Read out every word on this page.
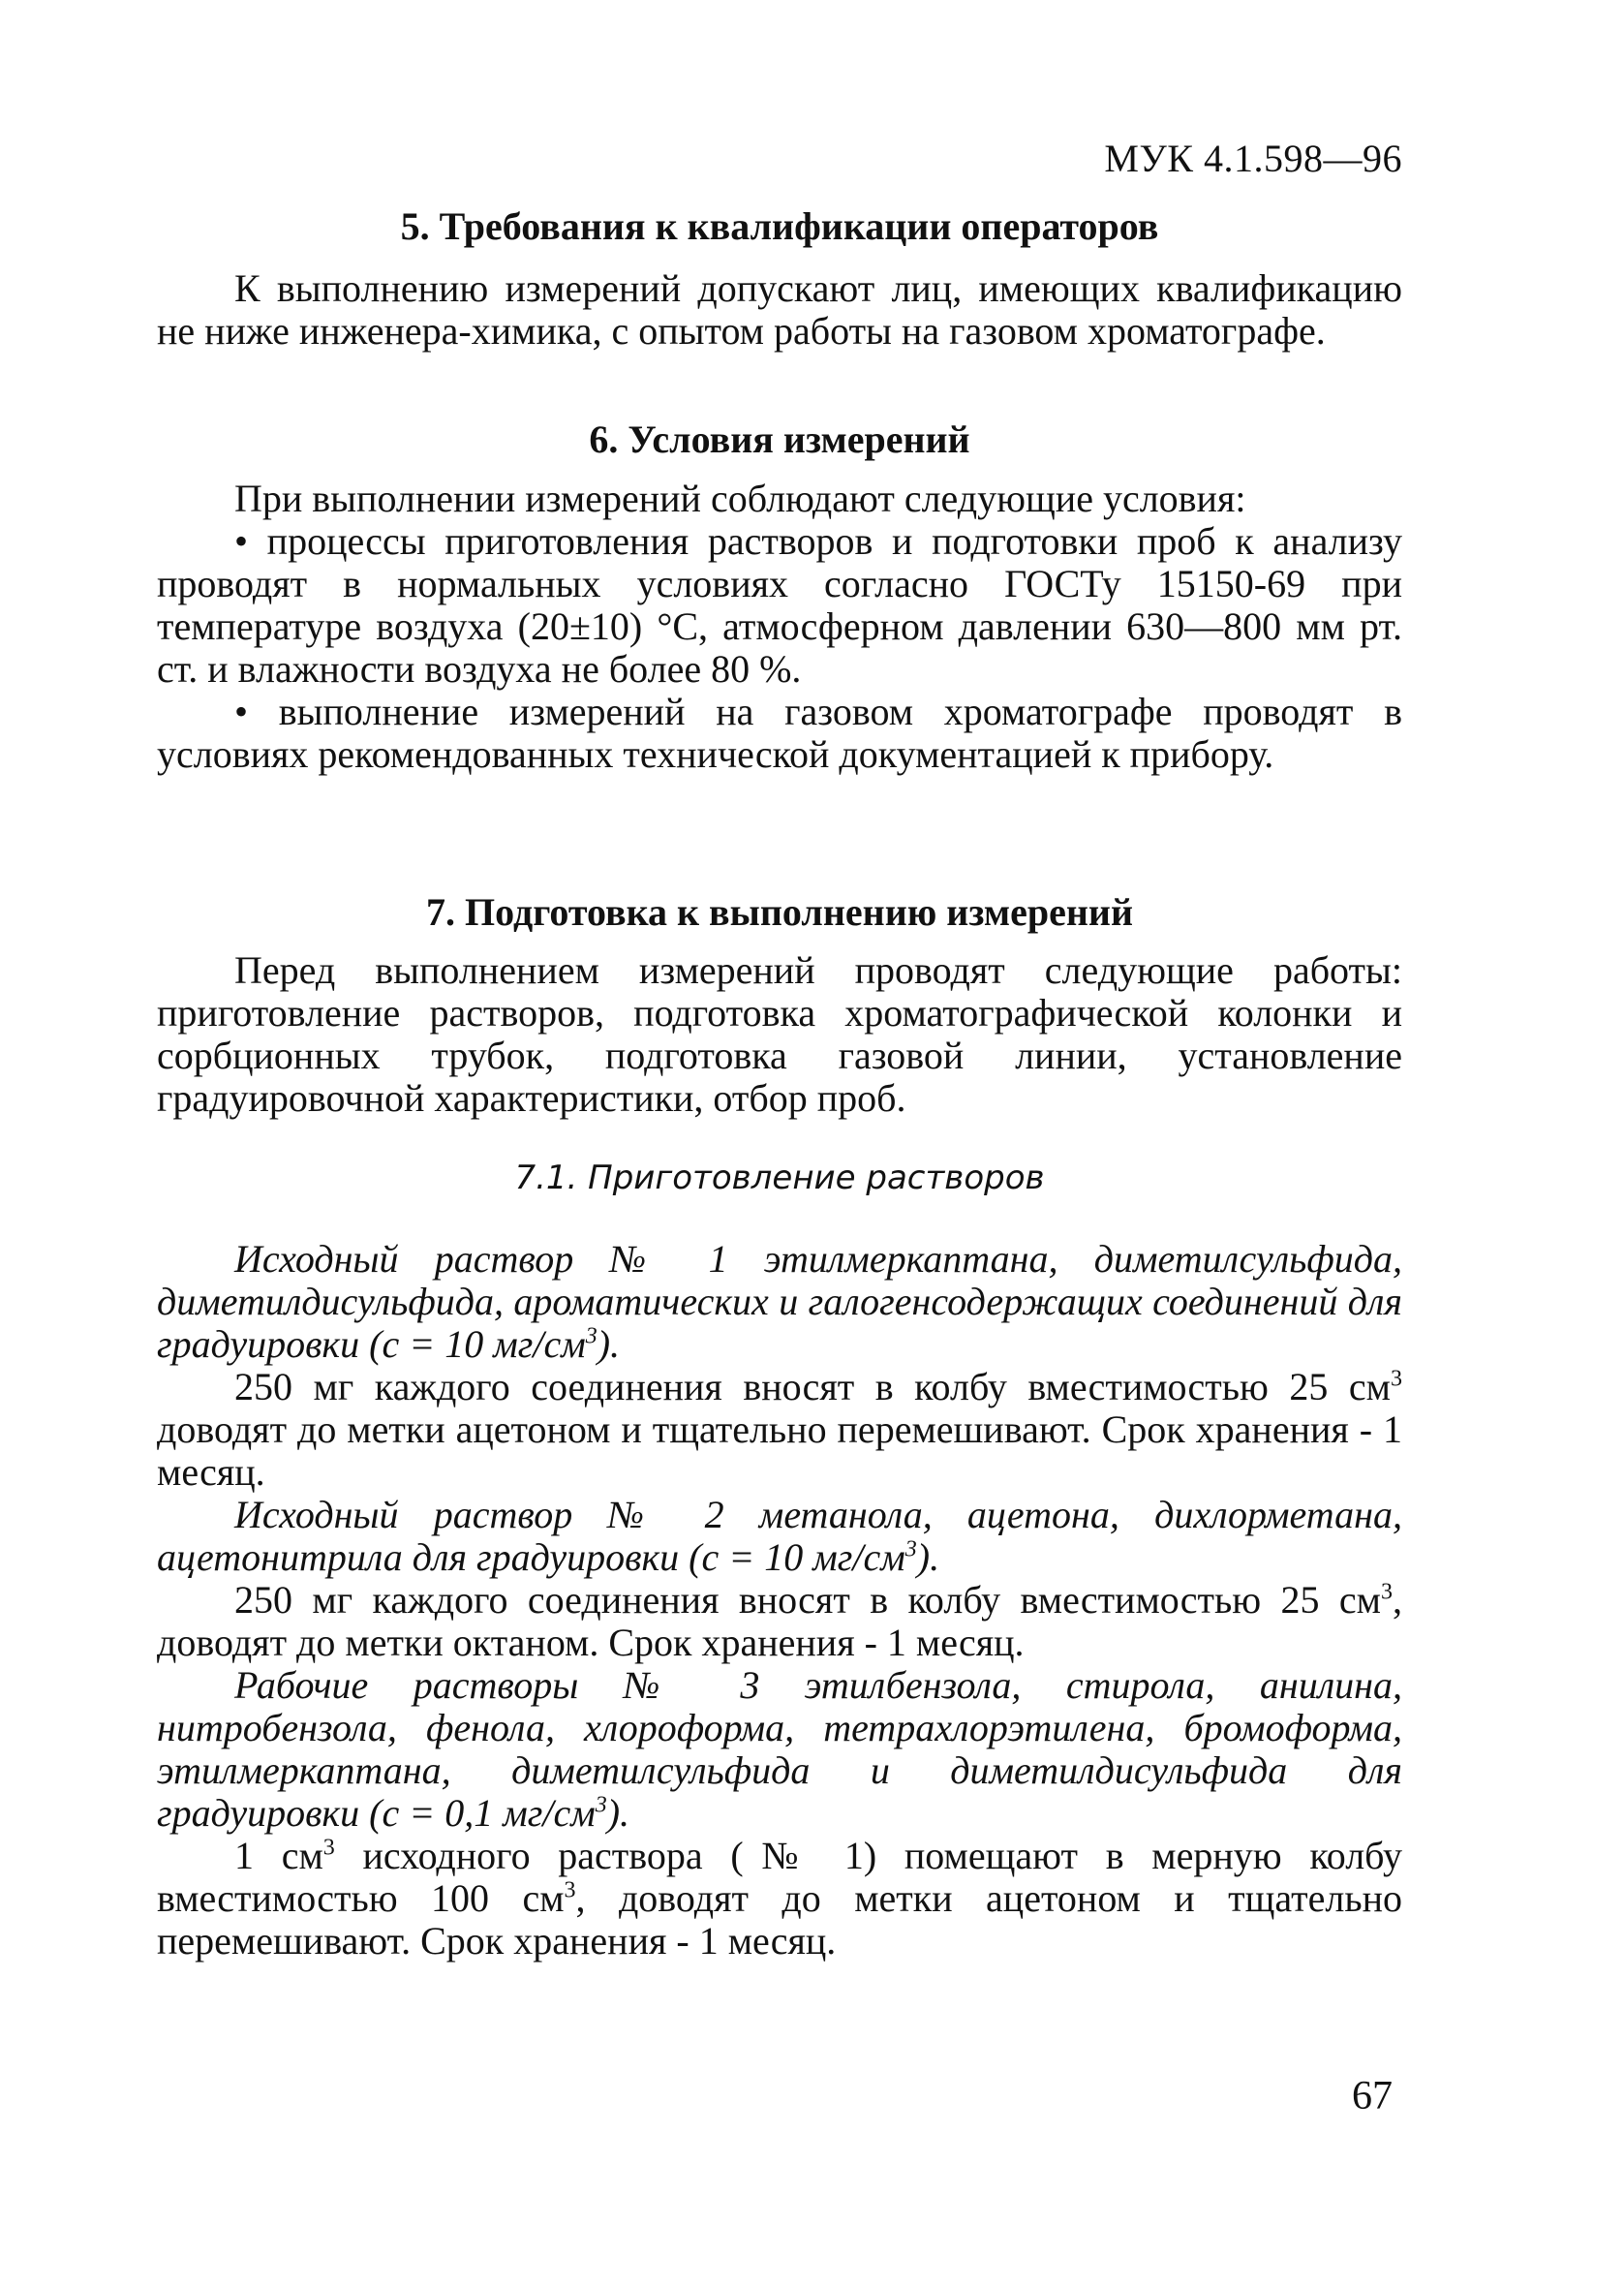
МУК 4.1.598—96

5. Требования к квалификации операторов

К выполнению измерений допускают лиц, имеющих квалификацию не ниже инженера-химика, с опытом работы на газовом хроматографе.

6. Условия измерений

При выполнении измерений соблюдают следующие условия:

• процессы приготовления растворов и подготовки проб к анализу проводят в нормальных условиях согласно ГОСТу 15150-69 при температуре воздуха (20±10) °С, атмосферном давлении 630—800 мм рт. ст. и влажности воздуха не более 80 %.

• выполнение измерений на газовом хроматографе проводят в условиях рекомендованных технической документацией к прибору.

7. Подготовка к выполнению измерений

Перед выполнением измерений проводят следующие работы: приготовление растворов, подготовка хроматографической колонки и сорбционных трубок, подготовка газовой линии, установление градуировочной характеристики, отбор проб.

7.1. Приготовление растворов

Исходный раствор № 1 этилмеркаптана, диметилсульфида, диметилдисульфида, ароматических и галогенсодержащих соединений для градуировки (с = 10 $мг/см^3$).

250 мг каждого соединения вносят в колбу вместимостью 25 $см^3$ доводят до метки ацетоном и тщательно перемешивают. Срок хранения - 1 месяц.

Исходный раствор № 2 метанола, ацетона, дихлорметана, ацетонитрила для градуировки (с = 10 $мг/см^3$).

250 мг каждого соединения вносят в колбу вместимостью 25 $см^3$, доводят до метки октаном. Срок хранения - 1 месяц.

Рабочие растворы № 3 этилбензола, стирола, анилина, нитробензола, фенола, хлороформа, тетрахлорэтилена, бромоформа, этилмеркаптана, диметилсульфида и диметилдисульфида для градуировки (с = 0,1 $мг/см^3$).

1 $см^3$ исходного раствора (№ 1) помещают в мерную колбу вместимостью 100 $см^3$, доводят до метки ацетоном и тщательно перемешивают. Срок хранения - 1 месяц.

67
